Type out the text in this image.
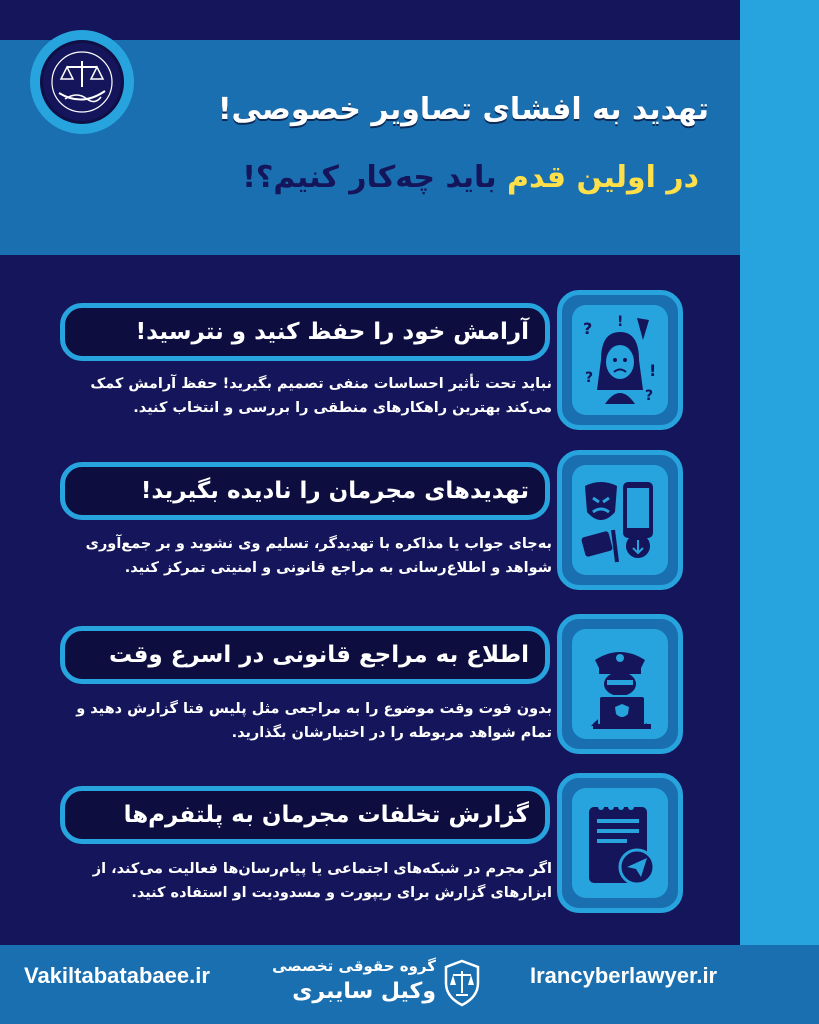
تهدید به افشای تصاویر خصوصی!
در اولین قدم باید چه‌کار کنیم؟!
آرامش خود را حفظ کنید و نترسید!
نباید تحت تأثیر احساسات منفی تصمیم بگیرید! حفظ آرامش کمک می‌کند بهترین راهکارهای منطقی را بررسی و انتخاب کنید.
?
?	!
?
!
تهدیدهای مجرمان را نادیده بگیرید!
به‌جای جواب یا مذاکره با تهدیدگر، تسلیم وی نشوید و بر جمع‌آوری شواهد و اطلاع‌رسانی به مراجع قانونی و امنیتی تمرکز کنید.
اطلاع به مراجع قانونی در اسرع وقت
بدون فوت وقت موضوع را به مراجعی مثل پلیس فتا گزارش دهید و تمام شواهد مربوطه را در اختیارشان بگذارید.
گزارش تخلفات مجرمان به پلتفرم‌ها
اگر مجرم در شبکه‌های اجتماعی یا پیام‌رسان‌ها فعالیت می‌کند، از ابزارهای گزارش برای ریپورت و مسدودیت او استفاده کنید.
Vakiltabatabaee.ir	Irancyberlawyer.ir
گروه حقوقی تخصصی
وکیل سایبری
